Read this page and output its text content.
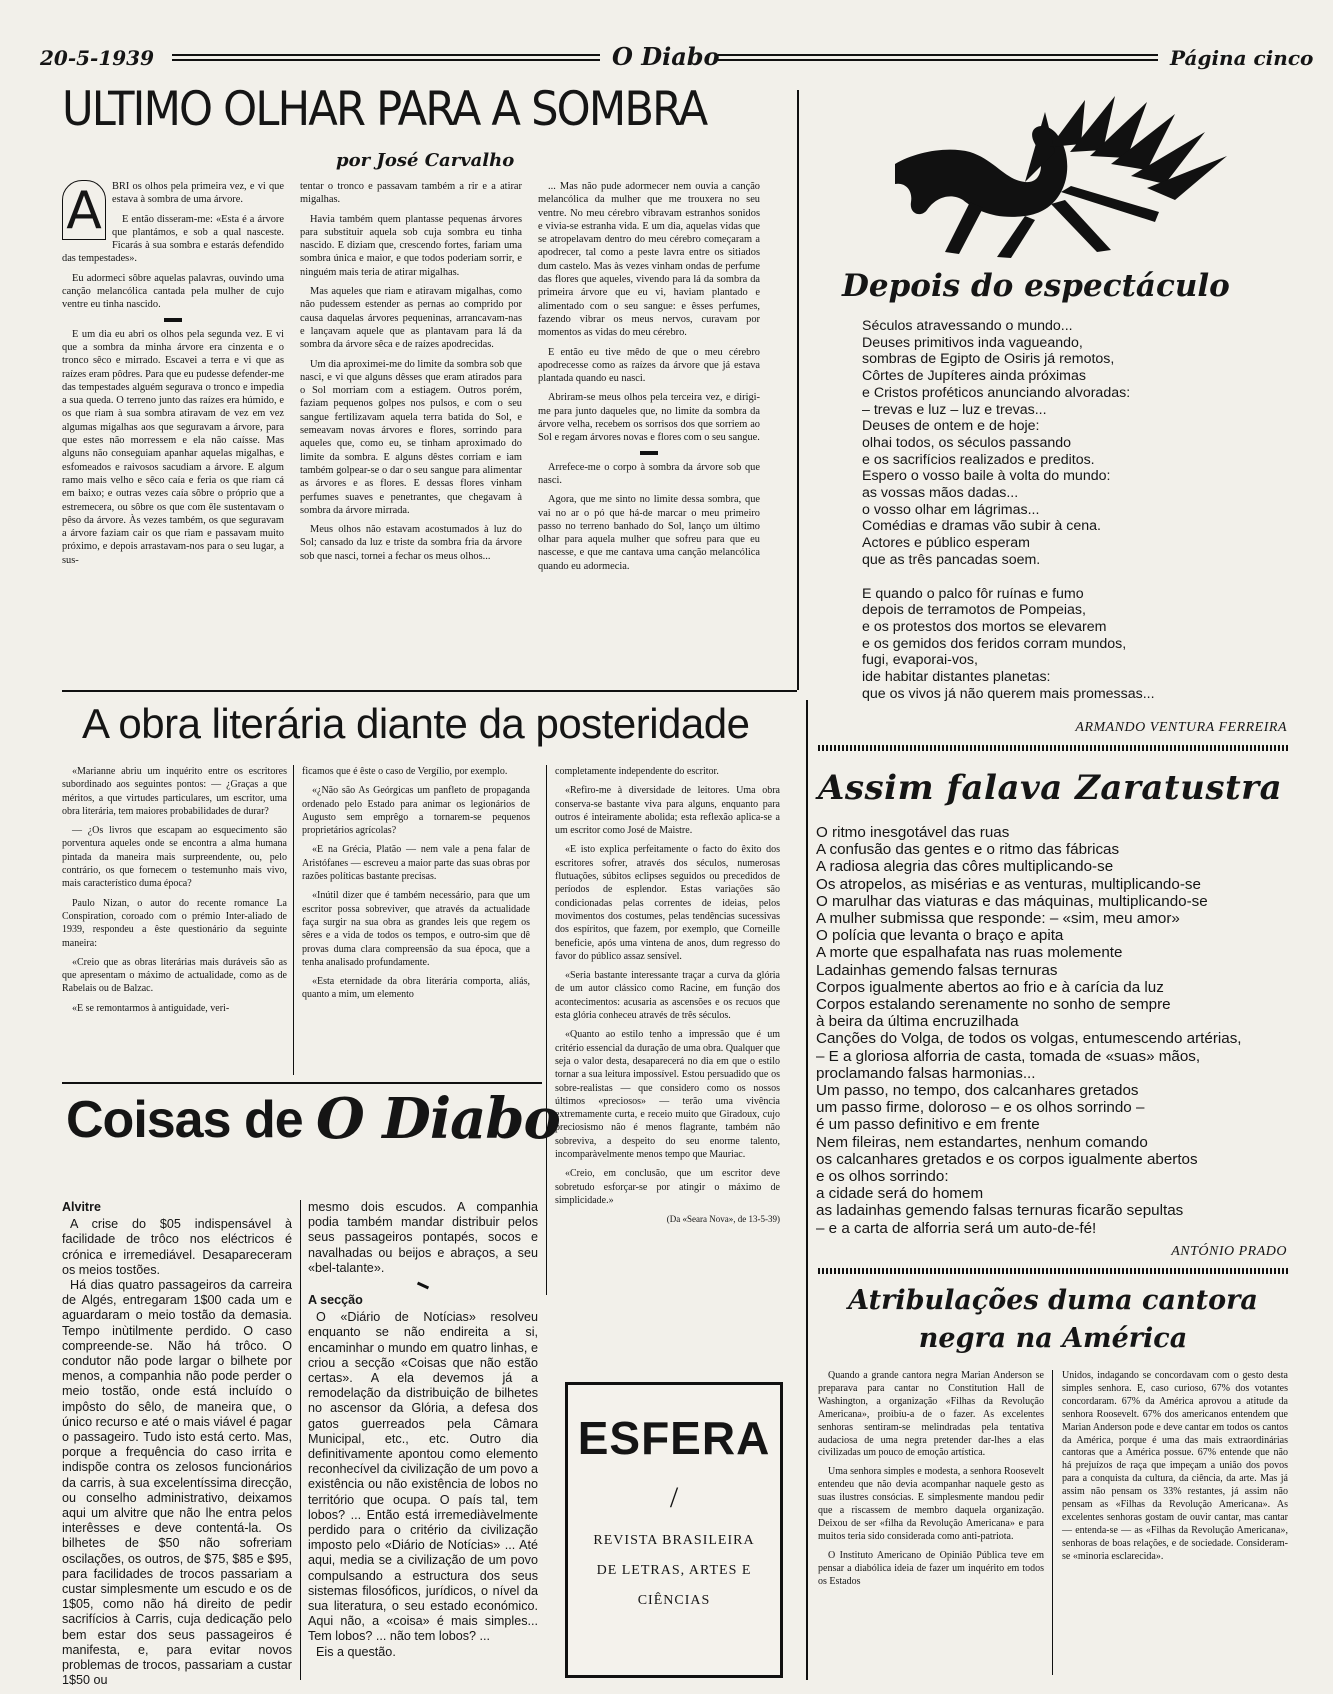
20-5-1939	O Diabo	Página cinco
ULTIMO OLHAR PARA A SOMBRA
por José Carvalho
A BRI os olhos pela primeira vez, e vi que estava à sombra de uma árvore.

E então disseram-me: «Esta é a árvore que plantámos, e sob a qual nasceste. Ficarás à sua sombra e estarás defendido das tempestades».

Eu adormeci sôbre aquelas palavras, ouvindo uma canção melancólica cantada pela mulher de cujo ventre eu tinha nascido.

E um dia eu abri os olhos pela segunda vez. E vi que a sombra da minha árvore era cinzenta e o tronco sêco e mirrado. Escavei a terra e vi que as raízes eram pôdres. Para que eu pudesse defender-me das tempestades alguém segurava o tronco e impedia a sua queda. O terreno junto das raízes era húmido, e os que riam à sua sombra atiravam de vez em vez algumas migalhas aos que seguravam a árvore, para que estes não morressem e ela não caísse. Mas alguns não conseguiam apanhar aquelas migalhas, e esfomeados e raivosos sacudiam a árvore. E algum ramo mais velho e sêco caía e feria os que riam cá em baixo; e outras vezes caía sôbre o próprio que a estremecera, ou sôbre os que com êle sustentavam o pêso da árvore. Às vezes também, os que seguravam a árvore faziam cair os que riam e passavam muito próximo, e depois arrastavam-nos para o seu lugar, a sus-

tentar o tronco e passavam também a rir e a atirar migalhas.

Havia também quem plantasse pequenas árvores para substituir aquela sob cuja sombra eu tinha nascido. E diziam que, crescendo fortes, fariam uma sombra única e maior, e que todos poderiam sorrir, e ninguém mais teria de atirar migalhas.

Mas aqueles que riam e atiravam migalhas, como não pudessem estender as pernas ao comprido por causa daquelas árvores pequeninas, arrancavam-nas e lançavam aquele que as plantavam para lá da sombra da árvore sêca e de raízes apodrecidas.

Um dia aproximei-me do limite da sombra sob que nasci, e vi que alguns dêsses que eram atirados para o Sol morriam com a estiagem. Outros porém, faziam pequenos golpes nos pulsos, e com o seu sangue fertilizavam aquela terra batida do Sol, e semeavam novas árvores e flores, sorrindo para aqueles que, como eu, se tinham aproximado do limite da sombra. E alguns dêstes corriam e iam também golpear-se o dar o seu sangue para alimentar as árvores e as flores. E dessas flores vinham perfumes suaves e penetrantes, que chegavam à sombra da árvore mirrada.

Meus olhos não estavam acostumados à luz do Sol; cansado da luz e triste da sombra fria da árvore sob que nasci, tornei a fechar os meus olhos...

... Mas não pude adormecer nem ouvia a canção melancólica da mulher que me trouxera no seu ventre. No meu cérebro vibravam estranhos sonidos e vivia-se estranha vida. E um dia, aquelas vidas que se atropelavam dentro do meu cérebro começaram a apodrecer, tal como a peste lavra entre os sitiados dum castelo. Mas às vezes vinham ondas de perfume das flores que aqueles, vivendo para lá da sombra da primeira árvore que eu vi, haviam plantado e alimentado com o seu sangue: e êsses perfumes, fazendo vibrar os meus nervos, curavam por momentos as vidas do meu cérebro.

E então eu tive mêdo de que o meu cérebro apodrecesse como as raízes da árvore que já estava plantada quando eu nasci.

Abriram-se meus olhos pela terceira vez, e dirigi-me para junto daqueles que, no limite da sombra da árvore velha, recebem os sorrisos dos que sorriem ao Sol e regam árvores novas e flores com o seu sangue.

Arrefece-me o corpo à sombra da árvore sob que nasci.

Agora, que me sinto no limite dessa sombra, que vai no ar o pó que há-de marcar o meu primeiro passo no terreno banhado do Sol, lanço um último olhar para aquela mulher que sofreu para que eu nascesse, e que me cantava uma canção melancólica quando eu adormecia.

A obra literária diante da posteridade

«Marianne abriu um inquérito entre os escritores subordinado aos seguintes pontos: — ¿Graças a que méritos, a que virtudes particulares, um escritor, uma obra literária, tem maiores probabilidades de durar?

— ¿Os livros que escapam ao esquecimento são porventura aqueles onde se encontra a alma humana pintada da maneira mais surpreendente, ou, pelo contrário, os que fornecem o testemunho mais vivo, mais característico duma época?

Paulo Nizan, o autor do recente romance La Conspiration, coroado com o prémio Inter-aliado de 1939, respondeu a êste questionário da seguinte maneira:

«Creio que as obras literárias mais duráveis são as que apresentam o máximo de actualidade, como as de Rabelais ou de Balzac.

«E se remontarmos à antiguidade, veri-

ficamos que é êste o caso de Vergílio, por exemplo.

«¿Não são As Geórgicas um panfleto de propaganda ordenado pelo Estado para animar os legionários de Augusto sem emprêgo a tornarem-se pequenos proprietários agrícolas?

«E na Grécia, Platão — nem vale a pena falar de Aristófanes — escreveu a maior parte das suas obras por razões políticas bastante precisas.

«Inútil dizer que é também necessário, para que um escritor possa sobreviver, que através da actualidade faça surgir na sua obra as grandes leis que regem os sêres e a vida de todos os tempos, e outro-sim que dê provas duma clara compreensão da sua época, que a tenha analisado profundamente.

«Esta eternidade da obra literária comporta, aliás, quanto a mim, um elemento

completamente independente do escritor.

«Refiro-me à diversidade de leitores. Uma obra conserva-se bastante viva para alguns, enquanto para outros é inteiramente abolida; esta reflexão aplica-se a um escritor como José de Maistre.

«E isto explica perfeitamente o facto do êxito dos escritores sofrer, através dos séculos, numerosas flutuações, súbitos eclipses seguidos ou precedidos de períodos de esplendor. Estas variações são condicionadas pelas correntes de ideias, pelos movimentos dos costumes, pelas tendências sucessivas dos espíritos, que fazem, por exemplo, que Corneille beneficie, após uma vintena de anos, dum regresso do favor do público assaz sensível.

«Seria bastante interessante traçar a curva da glória de um autor clássico como Racine, em função dos acontecimentos: acusaria as ascensões e os recuos que esta glória conheceu através de três séculos.

«Quanto ao estilo tenho a impressão que é um critério essencial da duração de uma obra. Qualquer que seja o valor desta, desaparecerá no dia em que o estilo tornar a sua leitura impossível. Estou persuadido que os sobre-realistas — que considero como os nossos últimos «preciosos» — terão uma vivência extremamente curta, e receio muito que Giradoux, cujo preciosismo não é menos flagrante, também não sobreviva, a despeito do seu enorme talento, incomparàvelmente menos tempo que Mauriac.

«Creio, em conclusão, que um escritor deve sobretudo esforçar-se por atingir o máximo de simplicidade.»

(Da «Seara Nova», de 13-5-39)

Coisas de O Diabo
Alvitre

A crise do $05 indispensável à facilidade de trôco nos eléctricos é crónica e irremediável. Desapareceram os meios tostões.

Há dias quatro passageiros da carreira de Algés, entregaram 1$00 cada um e aguardaram o meio tostão da demasia. Tempo inùtilmente perdido. O caso compreende-se. Não há trôco. O condutor não pode largar o bilhete por menos, a companhia não pode perder o meio tostão, onde está incluído o impôsto do sêlo, de maneira que, o único recurso e até o mais viável é pagar o passageiro. Tudo isto está certo. Mas, porque a frequência do caso irrita e indispõe contra os zelosos funcionários da carris, à sua excelentíssima direcção, ou conselho administrativo, deixamos aqui um alvitre que não lhe entra pelos interêsses e deve contentá-la. Os bilhetes de $50 não sofreriam oscilações, os outros, de $75, $85 e $95, para facilidades de trocos passariam a custar simplesmente um escudo e os de 1$05, como não há direito de pedir sacrifícios à Carris, cuja dedicação pelo bem estar dos seus passageiros é manifesta, e, para evitar novos problemas de trocos, passariam a custar 1$50 ou

mesmo dois escudos. A companhia podia também mandar distribuir pelos seus passageiros pontapés, socos e navalhadas ou beijos e abraços, a seu «bel-talante».

A secção

O «Diário de Notícias» resolveu enquanto se não endireita a si, encaminhar o mundo em quatro linhas, e criou a secção «Coisas que não estão certas». A ela devemos já a remodelação da distribuição de bilhetes no ascensor da Glória, a defesa dos gatos guerreados pela Câmara Municipal, etc., etc. Outro dia definitivamente apontou como elemento reconhecível da civilização de um povo a existência ou não existência de lobos no território que ocupa. O país tal, tem lobos? ... Então está irremediàvelmente perdido para o critério da civilização imposto pelo «Diário de Notícias» ... Até aqui, media se a civilização de um povo compulsando a estructura dos seus sistemas filosóficos, jurídicos, o nível da sua literatura, o seu estado económico. Aqui não, a «coisa» é mais simples... Tem lobos? ... não tem lobos? ...

Eis a questão.

ESFERA
/
REVISTA BRASILEIRA
DE LETRAS, ARTES E
CIÊNCIAS
Depois do espectáculo
Séculos atravessando o mundo...
Deuses primitivos inda vagueando,
sombras de Egipto de Osiris já remotos,
Côrtes de Jupíteres ainda próximas
e Cristos proféticos anunciando alvoradas:
– trevas e luz – luz e trevas...
Deuses de ontem e de hoje:
olhai todos, os séculos passando
e os sacrifícios realizados e preditos.
Espero o vosso baile à volta do mundo:
as vossas mãos dadas...
o vosso olhar em lágrimas...
Comédias e dramas vão subir à cena.
Actores e público esperam
que as três pancadas soem.
E quando o palco fôr ruínas e fumo
depois de terramotos de Pompeias,
e os protestos dos mortos se elevarem
e os gemidos dos feridos corram mundos,
fugi, evaporai-vos,
ide habitar distantes planetas:
que os vivos já não querem mais promessas...
ARMANDO VENTURA FERREIRA
Assim falava Zaratustra
O ritmo inesgotável das ruas
A confusão das gentes e o ritmo das fábricas
A radiosa alegria das côres multiplicando-se
Os atropelos, as misérias e as venturas, multiplicando-se
O marulhar das viaturas e das máquinas, multiplicando-se
A mulher submissa que responde: – «sim, meu amor»
O polícia que levanta o braço e apita
A morte que espalhafata nas ruas molemente
Ladainhas gemendo falsas ternuras
Corpos igualmente abertos ao frio e à carícia da luz
Corpos estalando serenamente no sonho de sempre
à beira da última encruzilhada
Canções do Volga, de todos os volgas, entumescendo artérias,
– E a gloriosa alforria de casta, tomada de «suas» mãos,
proclamando falsas harmonias...
Um passo, no tempo, dos calcanhares gretados
um passo firme, doloroso – e os olhos sorrindo –
é um passo definitivo e em frente
Nem fileiras, nem estandartes, nenhum comando
os calcanhares gretados e os corpos igualmente abertos
e os olhos sorrindo:
a cidade será do homem
as ladainhas gemendo falsas ternuras ficarão sepultas
– e a carta de alforria será um auto-de-fé!
ANTÓNIO PRADO
Atribulações duma cantora
negra na América

Quando a grande cantora negra Marian Anderson se preparava para cantar no Constitution Hall de Washington, a organização «Filhas da Revolução Americana», proibiu-a de o fazer. As excelentes senhoras sentiram-se melindradas pela tentativa audaciosa de uma negra pretender dar-lhes a elas civilizadas um pouco de emoção artística.

Uma senhora simples e modesta, a senhora Roosevelt entendeu que não devia acompanhar naquele gesto as suas ilustres consócias. E simplesmente mandou pedir que a riscassem de membro daquela organização. Deixou de ser «filha da Revolução Americana» e para muitos teria sido considerada como anti-patriota.

O Instituto Americano de Opinião Pública teve em pensar a diabólica ideia de fazer um inquérito em todos os Estados

Unidos, indagando se concordavam com o gesto desta simples senhora. E, caso curioso, 67% dos votantes concordaram. 67% da América aprovou a atitude da senhora Roosevelt. 67% dos americanos entendem que Marian Anderson pode e deve cantar em todos os cantos da América, porque é uma das mais extraordinárias cantoras que a América possue. 67% entende que não há prejuízos de raça que impeçam a união dos povos para a conquista da cultura, da ciência, da arte. Mas já assim não pensam os 33% restantes, já assim não pensam as «Filhas da Revolução Americana». As excelentes senhoras gostam de ouvir cantar, mas cantar — entenda-se — as «Filhas da Revolução Americana», senhoras de boas relações, e de sociedade. Consideram-se «minoria esclarecida».
